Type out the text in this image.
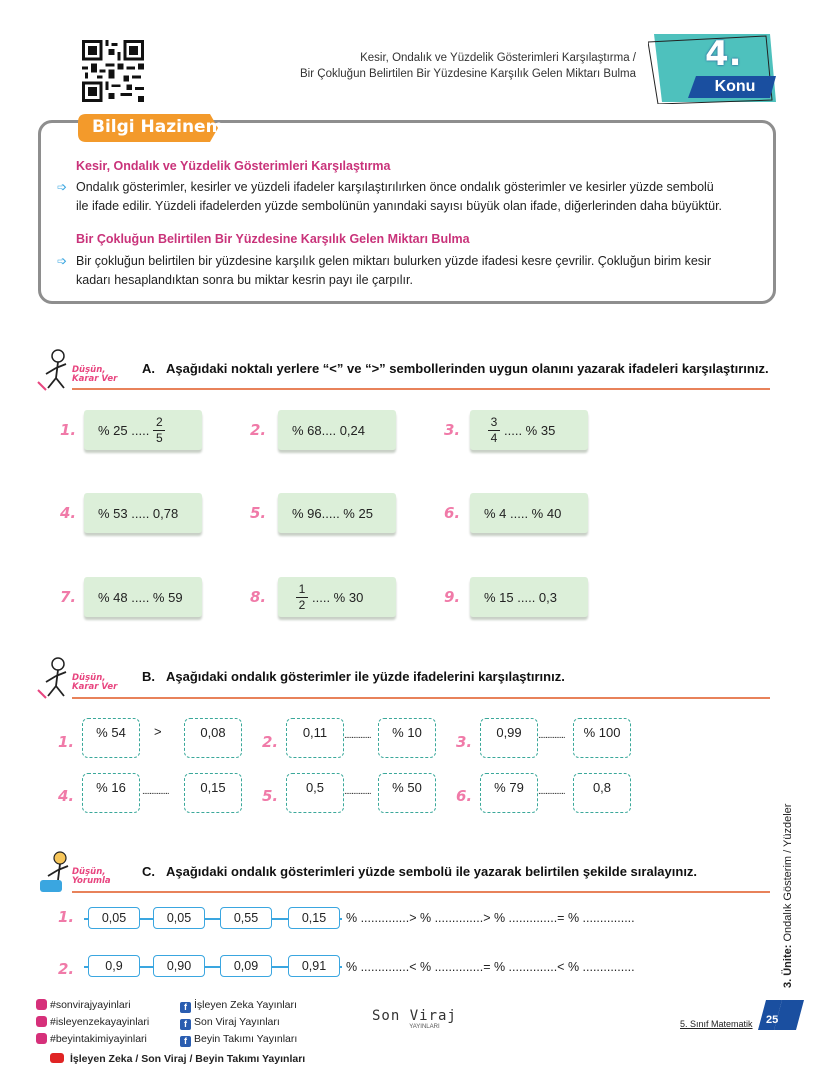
Kesir, Ondalık ve Yüzdelik Gösterimleri Karşılaştırma /
Bir Çokluğun Belirtilen Bir Yüzdesine Karşılık Gelen Miktarı Bulma 4.
Konu
Bilgi Hazinem
Kesir, Ondalık ve Yüzdelik Gösterimleri Karşılaştırma
➩ Ondalık gösterimler, kesirler ve yüzdeli ifadeler karşılaştırılırken önce ondalık gösterimler ve kesirler yüzde sembolü
ile ifade edilir. Yüzdeli ifadelerden yüzde sembolünün yanındaki sayısı büyük olan ifade, diğerlerinden daha büyüktür.
Bir Çokluğun Belirtilen Bir Yüzdesine Karşılık Gelen Miktarı Bulma
➩ Bir çokluğun belirtilen bir yüzdesine karşılık gelen miktarı bulurken yüzde ifadesi kesre çevrilir. Çokluğun birim kesir
kadarı hesaplandıktan sonra bu miktar kesrin payı ile çarpılır.
Düşün,
Karar Ver
A. Aşağıdaki noktalı yerlere “<” ve “>” sembollerinden uygun olanını yazarak ifadeleri karşılaştırınız.
1. % 25 ..... $\frac{2}{5}$	2. % 68.... 0,24	3. $\frac{3}{4}$ ..... % 35
4. % 53 ..... 0,78	5. % 96..... % 25	6. % 4 ..... % 40
7. % 48 ..... % 59	8. $\frac{1}{2}$ ..... % 30	9. % 15 ..... 0,3
Düşün,
Karar Ver
B. Aşağıdaki ondalık gösterimler ile yüzde ifadelerini karşılaştırınız.
1.
% 54	>	0,08
2.
0,11	...............	% 10
3.
0,99	...............	% 100
4.	% 16	...............	0,15	5.	0,5	...............	% 50	6.	% 79	...............	0,8
Düşün,
Yorumla
C. Aşağıdaki ondalık gösterimleri yüzde sembolü ile yazarak belirtilen şekilde sıralayınız.
1.	0,05	0,05	0,55	0,15	% ..............> % ..............> % ..............= % ...............
2.	0,9	0,90	0,09	0,91	% ..............< % ..............= % ..............< % ...............
#sonvirajyayinlari
#isleyenzekayayinlari
#beyintakimiyayinlari
f İşleyen Zeka Yayınları
f Son Viraj Yayınları
f Beyin Takımı Yayınları
İşleyen Zeka / Son Viraj / Beyin Takımı Yayınları
Son Viraj
YAYINLARI	5. Sınıf Matematik 25
3. Ünite: Ondalık Gösterim / Yüzdeler
